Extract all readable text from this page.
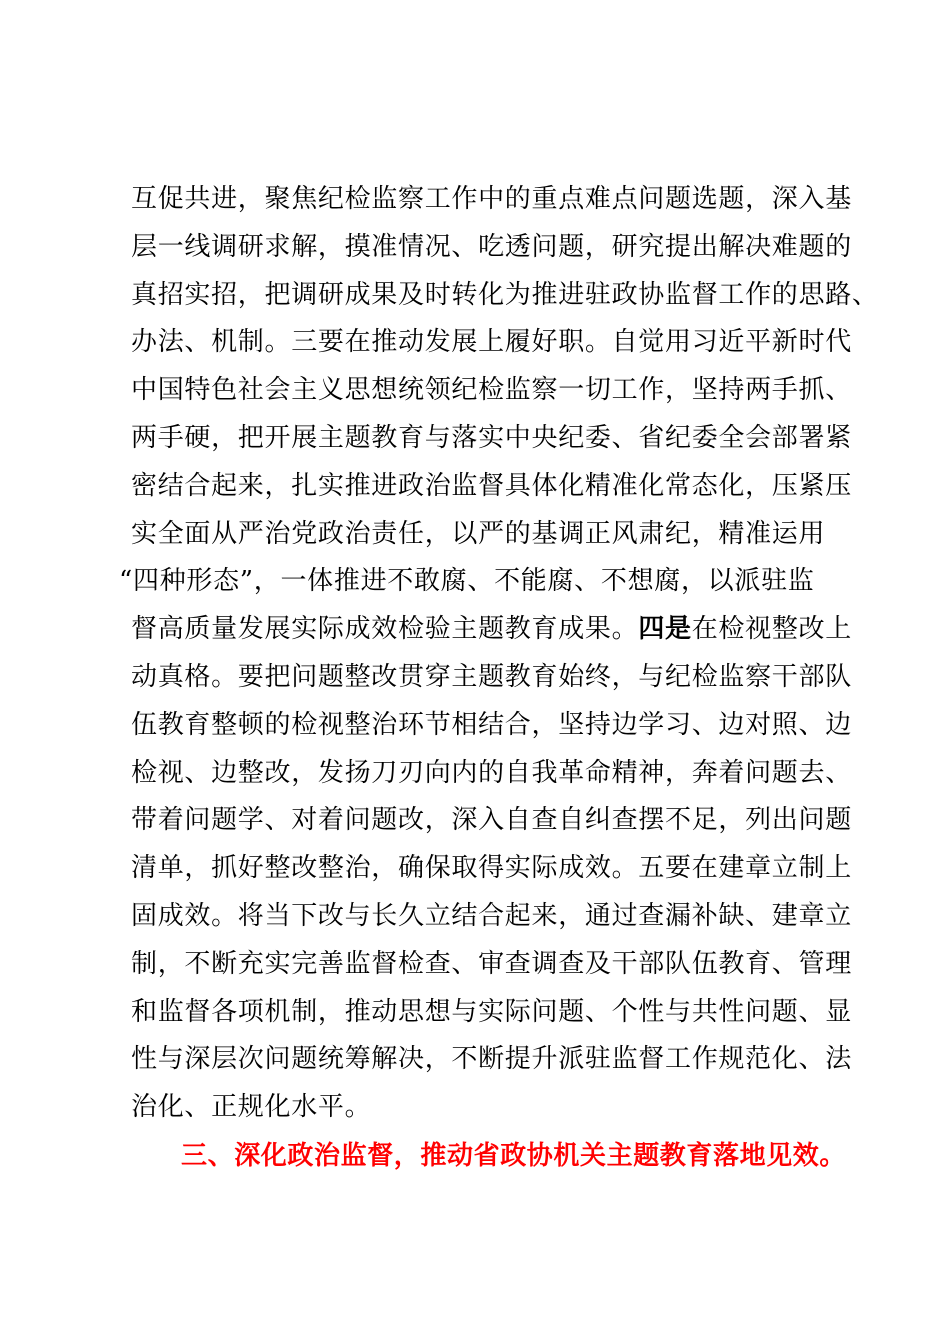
互促共进，聚焦纪检监察工作中的重点难点问题选题，深入基
层一线调研求解，摸准情况、吃透问题，研究提出解决难题的
真招实招，把调研成果及时转化为推进驻政协监督工作的思路、
办法、机制。三要在推动发展上履好职。自觉用习近平新时代
中国特色社会主义思想统领纪检监察一切工作，坚持两手抓、
两手硬，把开展主题教育与落实中央纪委、省纪委全会部署紧
密结合起来，扎实推进政治监督具体化精准化常态化，压紧压
实全面从严治党政治责任，以严的基调正风肃纪，精准运用
“四种形态”，一体推进不敢腐、不能腐、不想腐，以派驻监
督高质量发展实际成效检验主题教育成果。四是在检视整改上
动真格。要把问题整改贯穿主题教育始终，与纪检监察干部队
伍教育整顿的检视整治环节相结合，坚持边学习、边对照、边
检视、边整改，发扬刀刃向内的自我革命精神，奔着问题去、
带着问题学、对着问题改，深入自查自纠查摆不足，列出问题
清单，抓好整改整治，确保取得实际成效。五要在建章立制上
固成效。将当下改与长久立结合起来，通过查漏补缺、建章立
制，不断充实完善监督检查、审查调查及干部队伍教育、管理
和监督各项机制，推动思想与实际问题、个性与共性问题、显
性与深层次问题统筹解决，不断提升派驻监督工作规范化、法
治化、正规化水平。
三、深化政治监督，推动省政协机关主题教育落地见效。
